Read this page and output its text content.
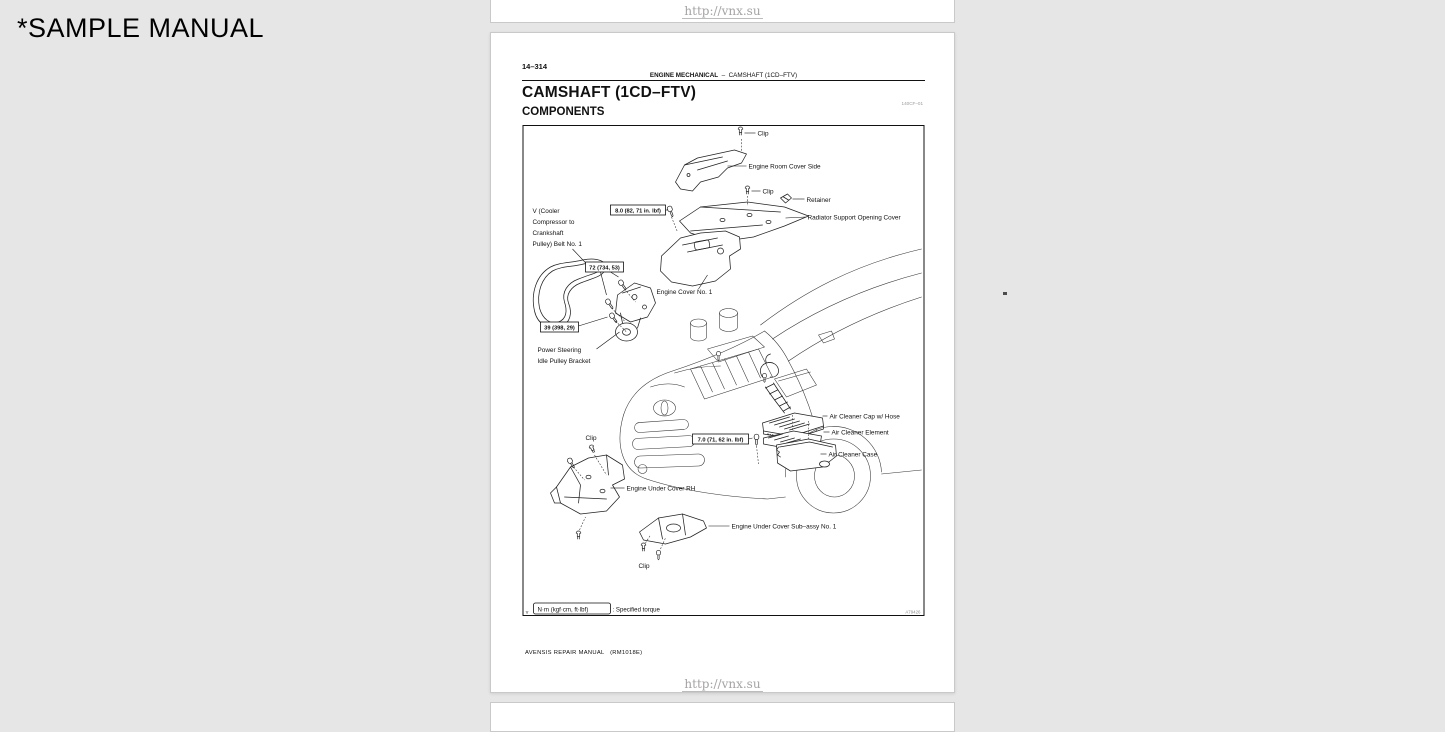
*SAMPLE MANUAL
http://vnx.su
14–314
ENGINE MECHANICAL  –  CAMSHAFT (1CD–FTV)
CAMSHAFT (1CD–FTV)
140CF–01
COMPONENTS
8.0 (82, 71 in. lbf)
72 (734, 53)
39 (398, 29)
7.0 (71, 62 in. lbf)
Clip
Engine Room Cover Side
Clip
Retainer
Radiator Support Opening Cover
V (Cooler
Compressor to
Crankshaft
Pulley) Belt No. 1
Engine Cover No. 1
Power Steering
Idle Pulley Bracket
Air Cleaner Cap w/ Hose
Air Cleaner Element
Air Cleaner Case
Clip
Engine Under Cover RH
Engine Under Cover Sub–assy No. 1
Clip
Y N·m (kgf·cm, ft·lbf)	: Specified torque	A79426
AVENSIS REPAIR MANUAL (RM1018E)
http://vnx.su
